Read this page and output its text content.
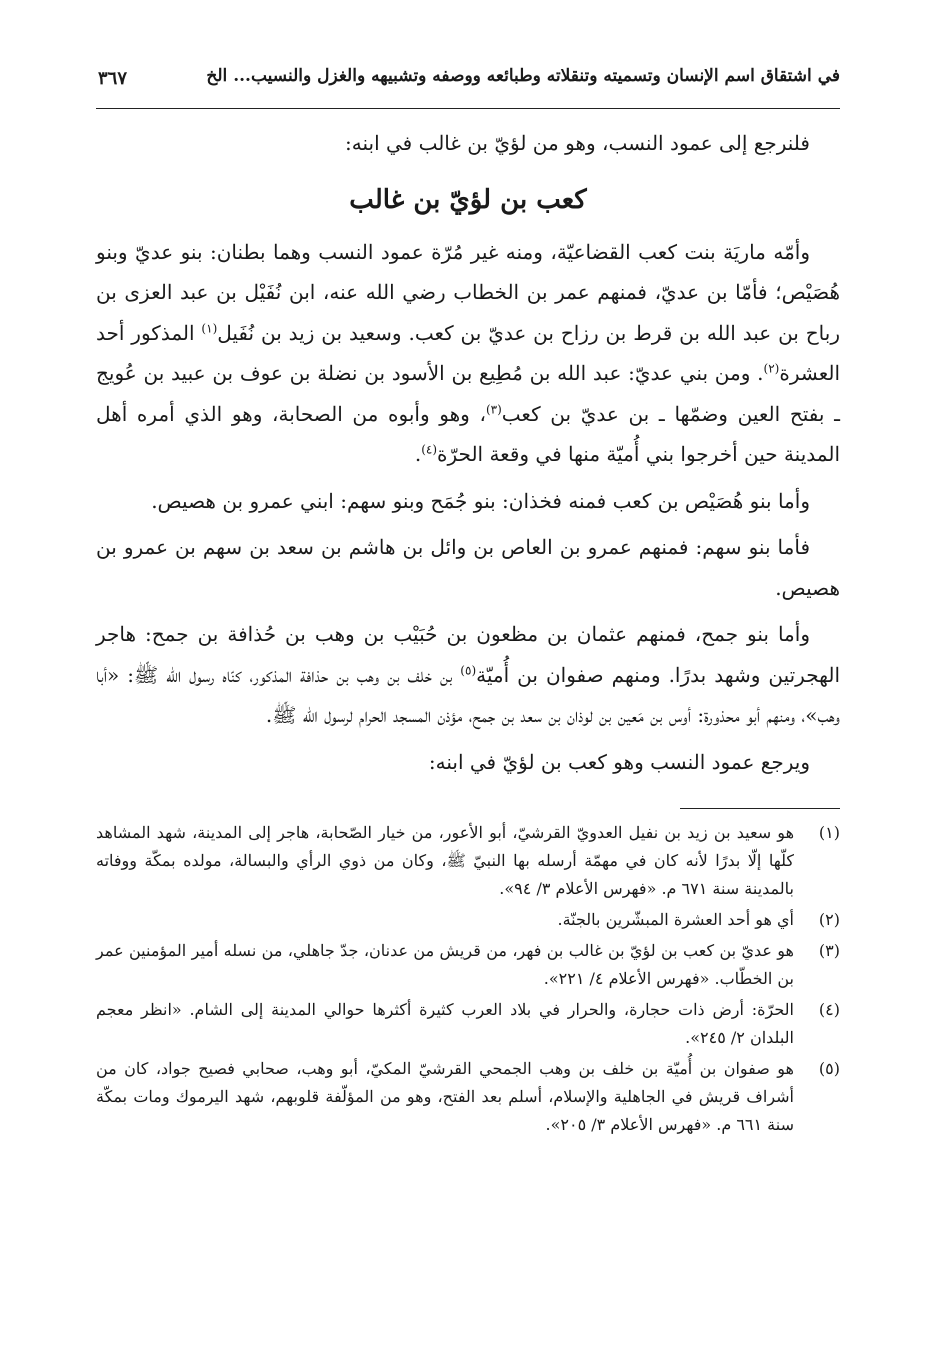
في اشتقاق اسم الإنسان وتسميته وتنقلاته وطبائعه ووصفه وتشبيهه والغزل والنسيب... الخ
٣٦٧

فلنرجع إلى عمود النسب، وهو من لؤيّ بن غالب في ابنه:

كعب بن لؤيّ بن غالب

وأمّه ماريَة بنت كعب القضاعيّة، ومنه غير مُرّة عمود النسب وهما بطنان: بنو عديّ وبنو هُصَيْص؛ فأمّا بن عديّ، فمنهم عمر بن الخطاب رضي الله عنه، ابن نُفَيْل بن عبد العزى بن رباح بن عبد الله بن قرط بن رزاح بن عديّ بن كعب. وسعيد بن زيد بن نُفَيل$^{(١)}$ المذكور أحد العشرة$^{(٢)}$. ومن بني عديّ: عبد الله بن مُطِيع بن الأسود بن نضلة بن عوف بن عبيد بن عُويج ـ بفتح العين وضمّها ـ بن عديّ بن كعب$^{(٣)}$، وهو وأبوه من الصحابة، وهو الذي أمره أهل المدينة حين أخرجوا بني أُميّة منها في وقعة الحرّة$^{(٤)}$.

وأما بنو هُصَيْص بن كعب فمنه فخذان: بنو جُمَح وبنو سهم: ابني عمرو بن هصيص.

فأما بنو سهم: فمنهم عمرو بن العاص بن وائل بن هاشم بن سعد بن سهم بن عمرو بن هصيص.

وأما بنو جمح، فمنهم عثمان بن مظعون بن حُبَيْب بن وهب بن حُذافة بن جمح: هاجر الهجرتين وشهد بدرًا. ومنهم صفوان بن أُميّة$^{(٥)}$ بن خلف بن وهب بن حذافة المذكور، كنّاه رسول الله ﷺ: «أبا وهب»، ومنهم أبو محذورة: أوس بن مَعين بن لوذان بن سعد بن جمح، مؤذن المسجد الحرام لرسول الله ﷺ.

ويرجع عمود النسب وهو كعب بن لؤيّ في ابنه:

(١)
هو سعيد بن زيد بن نفيل العدويّ القرشيّ، أبو الأعور، من خيار الصّحابة، هاجر إلى المدينة، شهد المشاهد كلّها إلّا بدرًا لأنه كان في مهمّة أرسله بها النبيّ ﷺ، وكان من ذوي الرأي والبسالة، مولده بمكّة ووفاته بالمدينة سنة ٦٧١ م. «فهرس الأعلام ٣/ ٩٤».
(٢)
أي هو أحد العشرة المبشّرين بالجنّة.
(٣)
هو عديّ بن كعب بن لؤيّ بن غالب بن فهر، من قريش من عدنان، جدّ جاهلي، من نسله أمير المؤمنين عمر بن الخطّاب. «فهرس الأعلام ٤/ ٢٢١».
(٤)
الحرّة: أرض ذات حجارة، والحرار في بلاد العرب كثيرة أكثرها حوالي المدينة إلى الشام. «انظر معجم البلدان ٢/ ٢٤٥».
(٥)
هو صفوان بن أُميّة بن خلف بن وهب الجمحي القرشيّ المكيّ، أبو وهب، صحابي فصيح جواد، كان من أشراف قريش في الجاهلية والإسلام، أسلم بعد الفتح، وهو من المؤلّفة قلوبهم، شهد اليرموك ومات بمكّة سنة ٦٦١ م. «فهرس الأعلام ٣/ ٢٠٥».
